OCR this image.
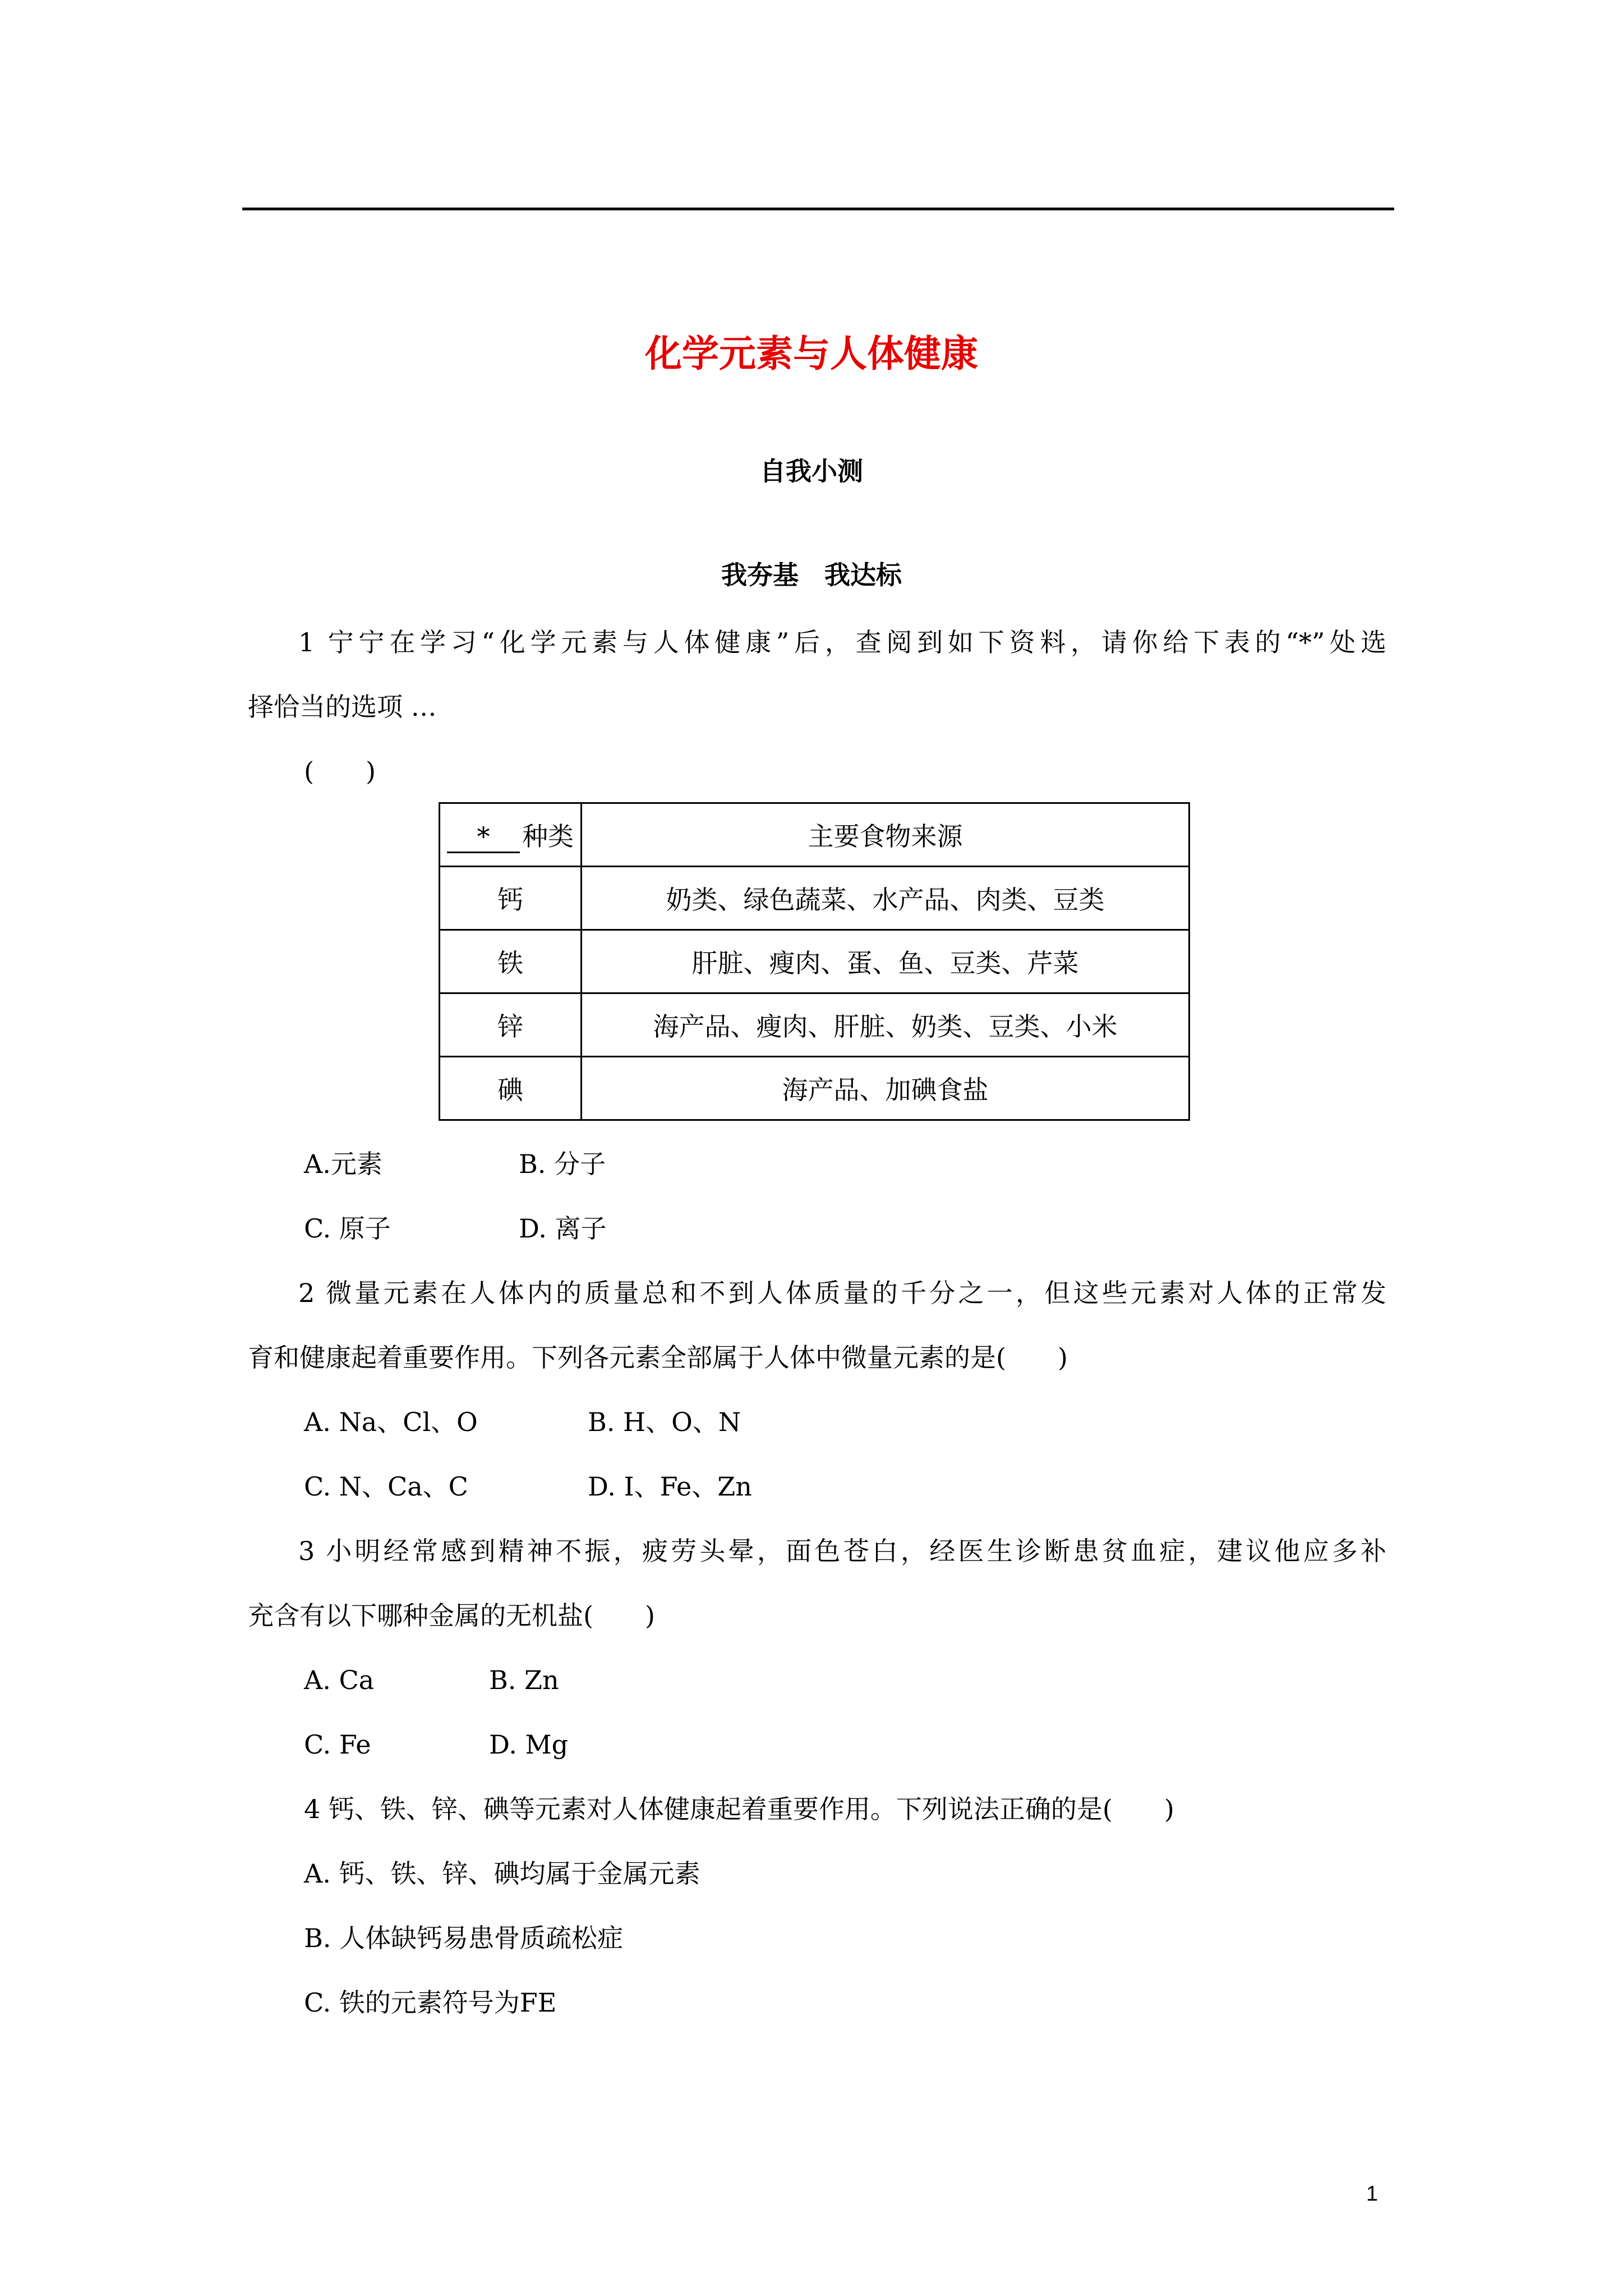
化学元素与人体健康
自我小测
我夯基　我达标
1 宁宁在学习“化学元素与人体健康”后，查阅到如下资料，请你给下表的“*”处选
择恰当的选项 …
(　　)
* 种类	主要食物来源
钙	奶类、绿色蔬菜、水产品、肉类、豆类
铁	肝脏、瘦肉、蛋、鱼、豆类、芹菜
锌	海产品、瘦肉、肝脏、奶类、豆类、小米
碘	海产品、加碘食盐
A.元素	B. 分子
C. 原子	D. 离子
2 微量元素在人体内的质量总和不到人体质量的千分之一，但这些元素对人体的正常发
育和健康起着重要作用。下列各元素全部属于人体中微量元素的是(　　)
A. Na、Cl、O	B. H、O、N
C. N、Ca、C	D. I、Fe、Zn
3 小明经常感到精神不振，疲劳头晕，面色苍白，经医生诊断患贫血症，建议他应多补
充含有以下哪种金属的无机盐(　　)
A. Ca	B. Zn
C. Fe	D. Mg
4 钙、铁、锌、碘等元素对人体健康起着重要作用。下列说法正确的是(　　)
A. 钙、铁、锌、碘均属于金属元素
B. 人体缺钙易患骨质疏松症
C. 铁的元素符号为FE
1
